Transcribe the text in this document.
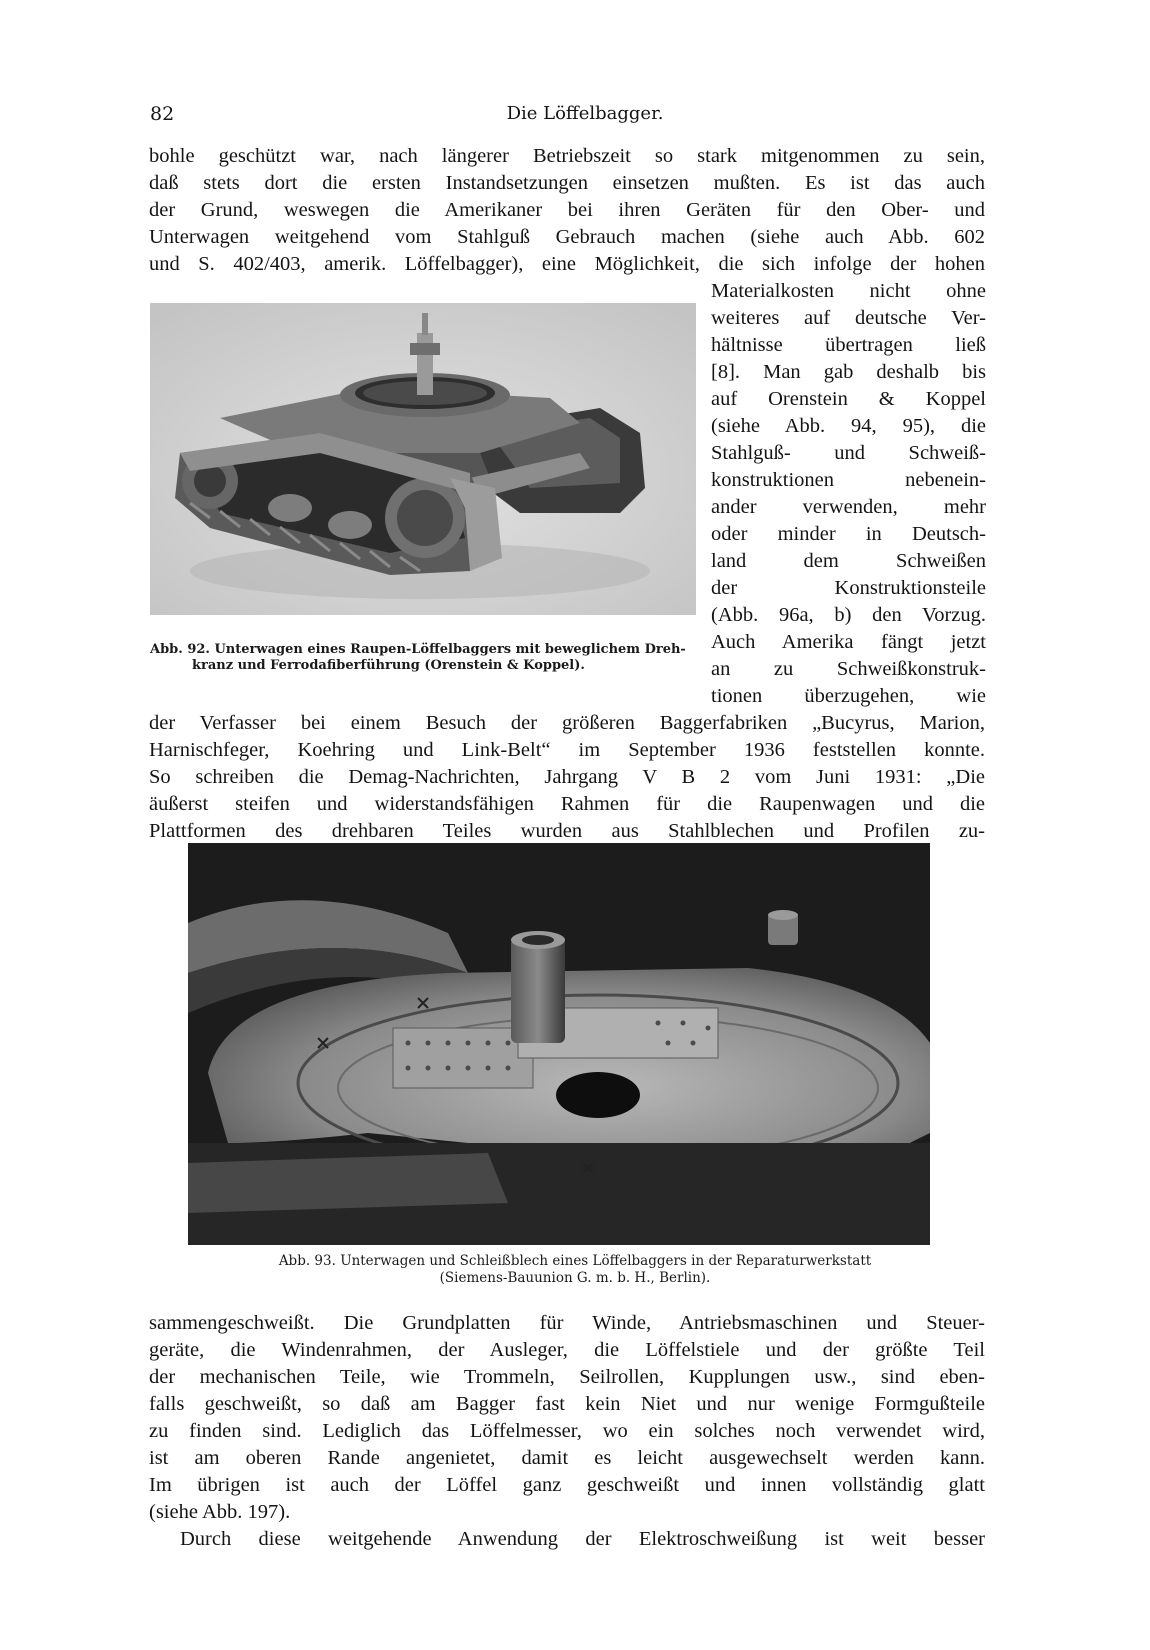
82	Die Löffelbagger.
bohle geschützt war, nach längerer Betriebszeit so stark mitgenommen zu sein,
daß stets dort die ersten Instandsetzungen einsetzen mußten. Es ist das auch
der Grund, weswegen die Amerikaner bei ihren Geräten für den Ober- und
Unterwagen weitgehend vom Stahlguß Gebrauch machen (siehe auch Abb. 602
und S. 402/403, amerik. Löffelbagger), eine Möglichkeit, die sich infolge der hohen
Materialkosten nicht ohne
weiteres auf deutsche Ver-
hältnisse übertragen ließ
[8]. Man gab deshalb bis
auf Orenstein & Koppel
(siehe Abb. 94, 95), die
Stahlguß- und Schweiß-
konstruktionen nebenein-
ander verwenden, mehr
oder minder in Deutsch-
land dem Schweißen
der Konstruktionsteile
(Abb. 96a, b) den Vorzug.
Auch Amerika fängt jetzt
an zu Schweißkonstruk-
tionen überzugehen, wie
Abb. 92. Unterwagen eines Raupen-Löffelbaggers mit beweglichem Dreh-
kranz und Ferrodafiberführung (Orenstein & Koppel).
der Verfasser bei einem Besuch der größeren Baggerfabriken „Bucyrus, Marion,
Harnischfeger, Koehring und Link-Belt“ im September 1936 feststellen konnte.
So schreiben die Demag-Nachrichten, Jahrgang V B 2 vom Juni 1931: „Die
äußerst steifen und widerstandsfähigen Rahmen für die Raupenwagen und die
Plattformen des drehbaren Teiles wurden aus Stahlblechen und Profilen zu-
Abb. 93. Unterwagen und Schleißblech eines Löffelbaggers in der Reparaturwerkstatt
(Siemens-Bauunion G. m. b. H., Berlin).
sammengeschweißt. Die Grundplatten für Winde, Antriebsmaschinen und Steuer-
geräte, die Windenrahmen, der Ausleger, die Löffelstiele und der größte Teil
der mechanischen Teile, wie Trommeln, Seilrollen, Kupplungen usw., sind eben-
falls geschweißt, so daß am Bagger fast kein Niet und nur wenige Formgußteile
zu finden sind. Lediglich das Löffelmesser, wo ein solches noch verwendet wird,
ist am oberen Rande angenietet, damit es leicht ausgewechselt werden kann.
Im übrigen ist auch der Löffel ganz geschweißt und innen vollständig glatt
(siehe Abb. 197).
Durch diese weitgehende Anwendung der Elektroschweißung ist weit besser
